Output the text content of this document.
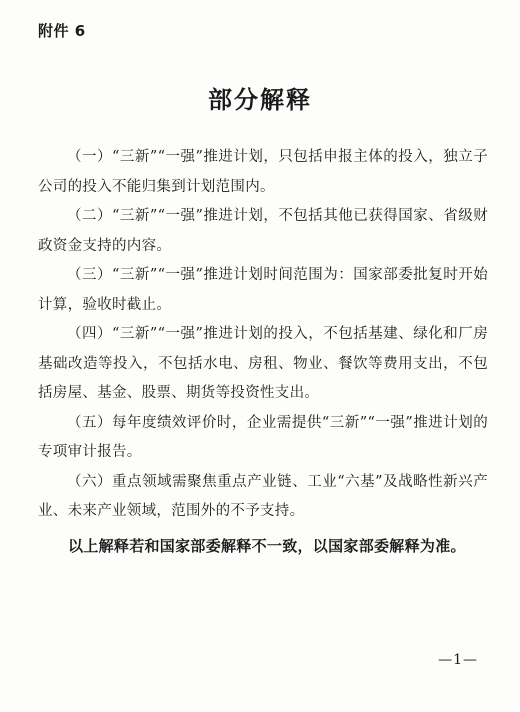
附件 6
部分解释

（一）“三新”“一强”推进计划，只包括申报主体的投入，独立子公司的投入不能归集到计划范围内。

（二）“三新”“一强”推进计划，不包括其他已获得国家、省级财政资金支持的内容。

（三）“三新”“一强”推进计划时间范围为：国家部委批复时开始计算，验收时截止。

（四）“三新”“一强”推进计划的投入，不包括基建、绿化和厂房基础改造等投入，不包括水电、房租、物业、餐饮等费用支出，不包括房屋、基金、股票、期货等投资性支出。

（五）每年度绩效评价时，企业需提供“三新”“一强”推进计划的专项审计报告。

（六）重点领域需聚焦重点产业链、工业“六基”及战略性新兴产业、未来产业领域，范围外的不予支持。

以上解释若和国家部委解释不一致，以国家部委解释为准。
—1—
